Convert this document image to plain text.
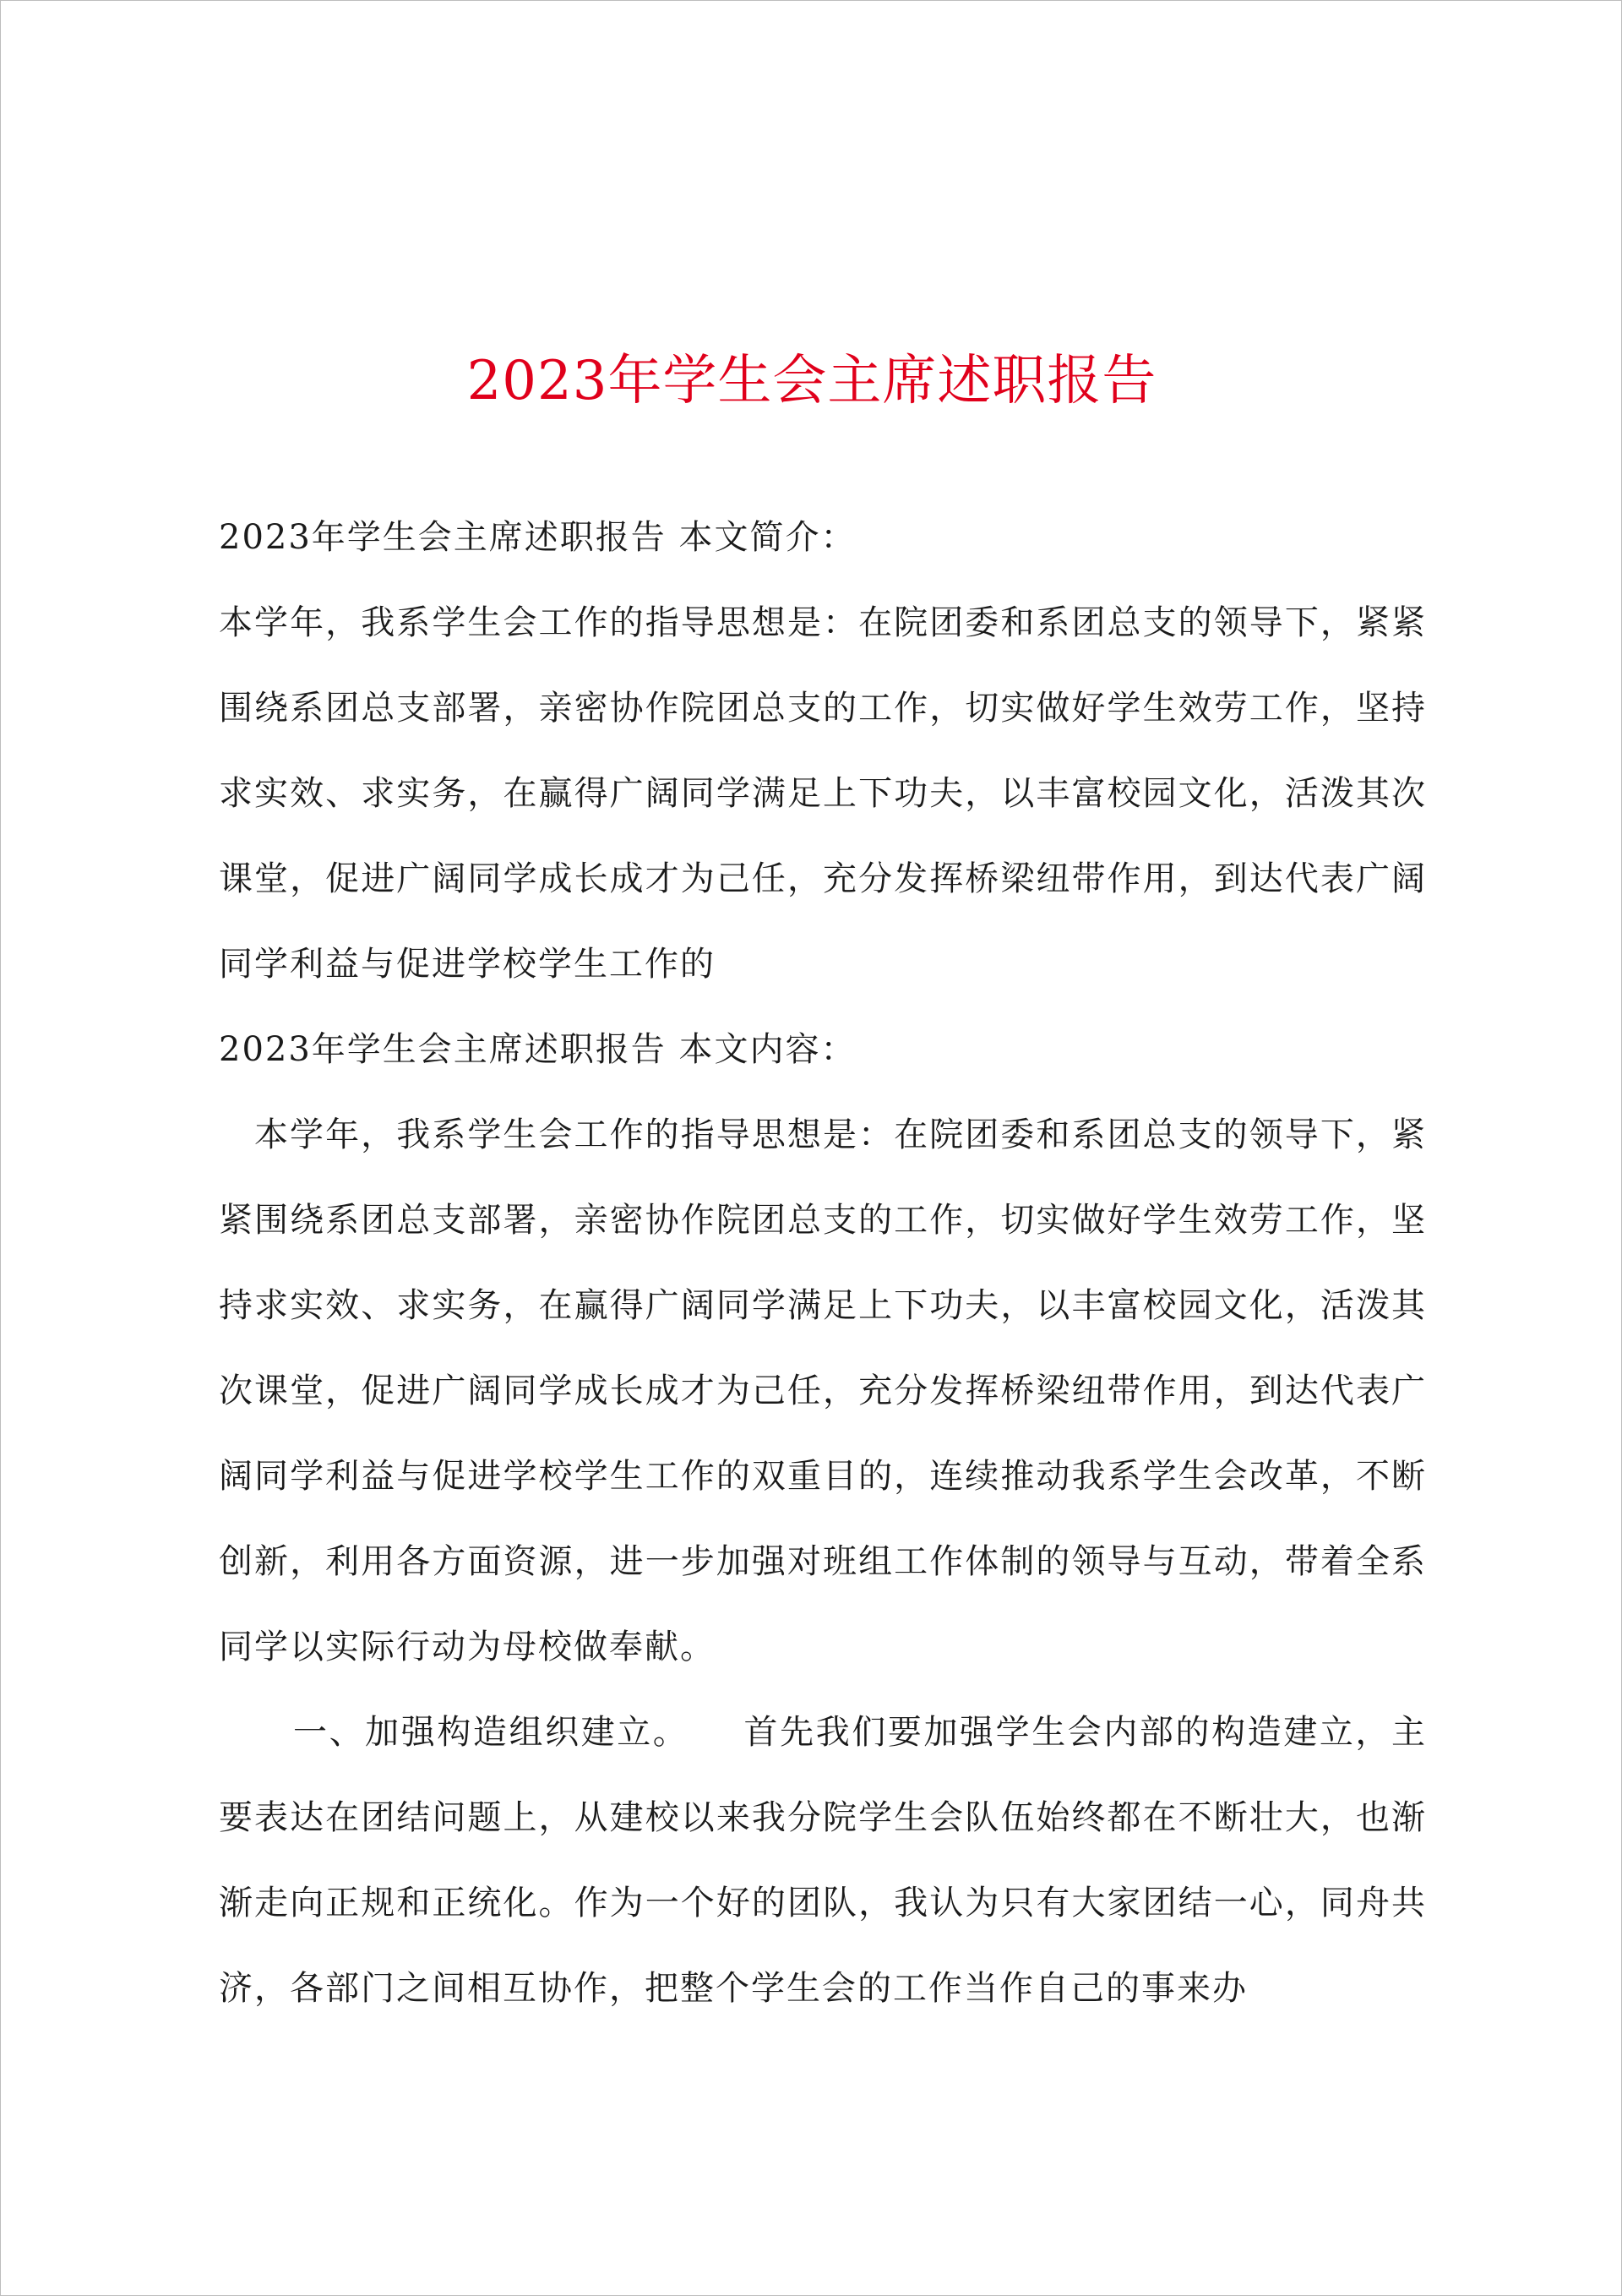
2023年学生会主席述职报告

2023年学生会主席述职报告 本文简介：

本学年，我系学生会工作的指导思想是：在院团委和系团总支的领导下，紧紧围绕系团总支部署，亲密协作院团总支的工作，切实做好学生效劳工作，坚持求实效、求实务，在赢得广阔同学满足上下功夫，以丰富校园文化，活泼其次课堂，促进广阔同学成长成才为己任，充分发挥桥梁纽带作用，到达代表广阔同学利益与促进学校学生工作的

2023年学生会主席述职报告 本文内容：

本学年，我系学生会工作的指导思想是：在院团委和系团总支的领导下，紧紧围绕系团总支部署，亲密协作院团总支的工作，切实做好学生效劳工作，坚持求实效、求实务，在赢得广阔同学满足上下功夫，以丰富校园文化，活泼其次课堂，促进广阔同学成长成才为己任，充分发挥桥梁纽带作用，到达代表广阔同学利益与促进学校学生工作的双重目的，连续推动我系学生会改革，不断创新，利用各方面资源，进一步加强对班组工作体制的领导与互动，带着全系同学以实际行动为母校做奉献。

一、加强构造组织建立。　　首先我们要加强学生会内部的构造建立，主要表达在团结问题上，从建校以来我分院学生会队伍始终都在不断壮大，也渐渐走向正规和正统化。作为一个好的团队，我认为只有大家团结一心，同舟共济，各部门之间相互协作，把整个学生会的工作当作自己的事来办
